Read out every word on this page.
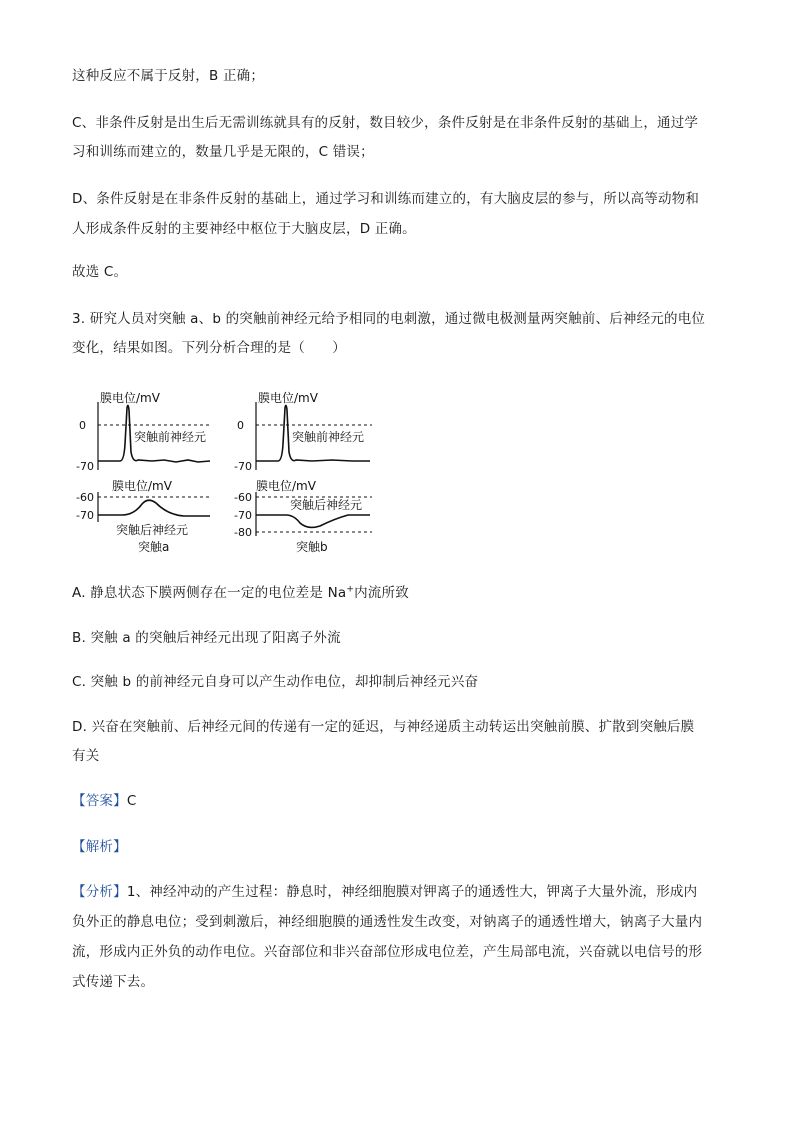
这种反应不属于反射，B 正确；
C、非条件反射是出生后无需训练就具有的反射，数目较少，条件反射是在非条件反射的基础上，通过学
习和训练而建立的，数量几乎是无限的，C 错误；
D、条件反射是在非条件反射的基础上，通过学习和训练而建立的，有大脑皮层的参与，所以高等动物和
人形成条件反射的主要神经中枢位于大脑皮层，D 正确。
故选 C。
3. 研究人员对突触 a、b 的突触前神经元给予相同的电刺激，通过微电极测量两突触前、后神经元的电位
变化，结果如图。下列分析合理的是（　　）
膜电位/mV
0
-70
突触前神经元
膜电位/mV
0
-70
突触前神经元
膜电位/mV
-60
-70
突触后神经元
突触a
膜电位/mV
-60
-70
-80
突触后神经元
突触b
A. 静息状态下膜两侧存在一定的电位差是 Na+内流所致
B. 突触 a 的突触后神经元出现了阳离子外流
C. 突触 b 的前神经元自身可以产生动作电位，却抑制后神经元兴奋
D. 兴奋在突触前、后神经元间的传递有一定的延迟，与神经递质主动转运出突触前膜、扩散到突触后膜
有关
【答案】C
【解析】
【分析】1、神经冲动的产生过程：静息时，神经细胞膜对钾离子的通透性大，钾离子大量外流，形成内
负外正的静息电位；受到刺激后，神经细胞膜的通透性发生改变，对钠离子的通透性增大，钠离子大量内
流，形成内正外负的动作电位。兴奋部位和非兴奋部位形成电位差，产生局部电流，兴奋就以电信号的形
式传递下去。
